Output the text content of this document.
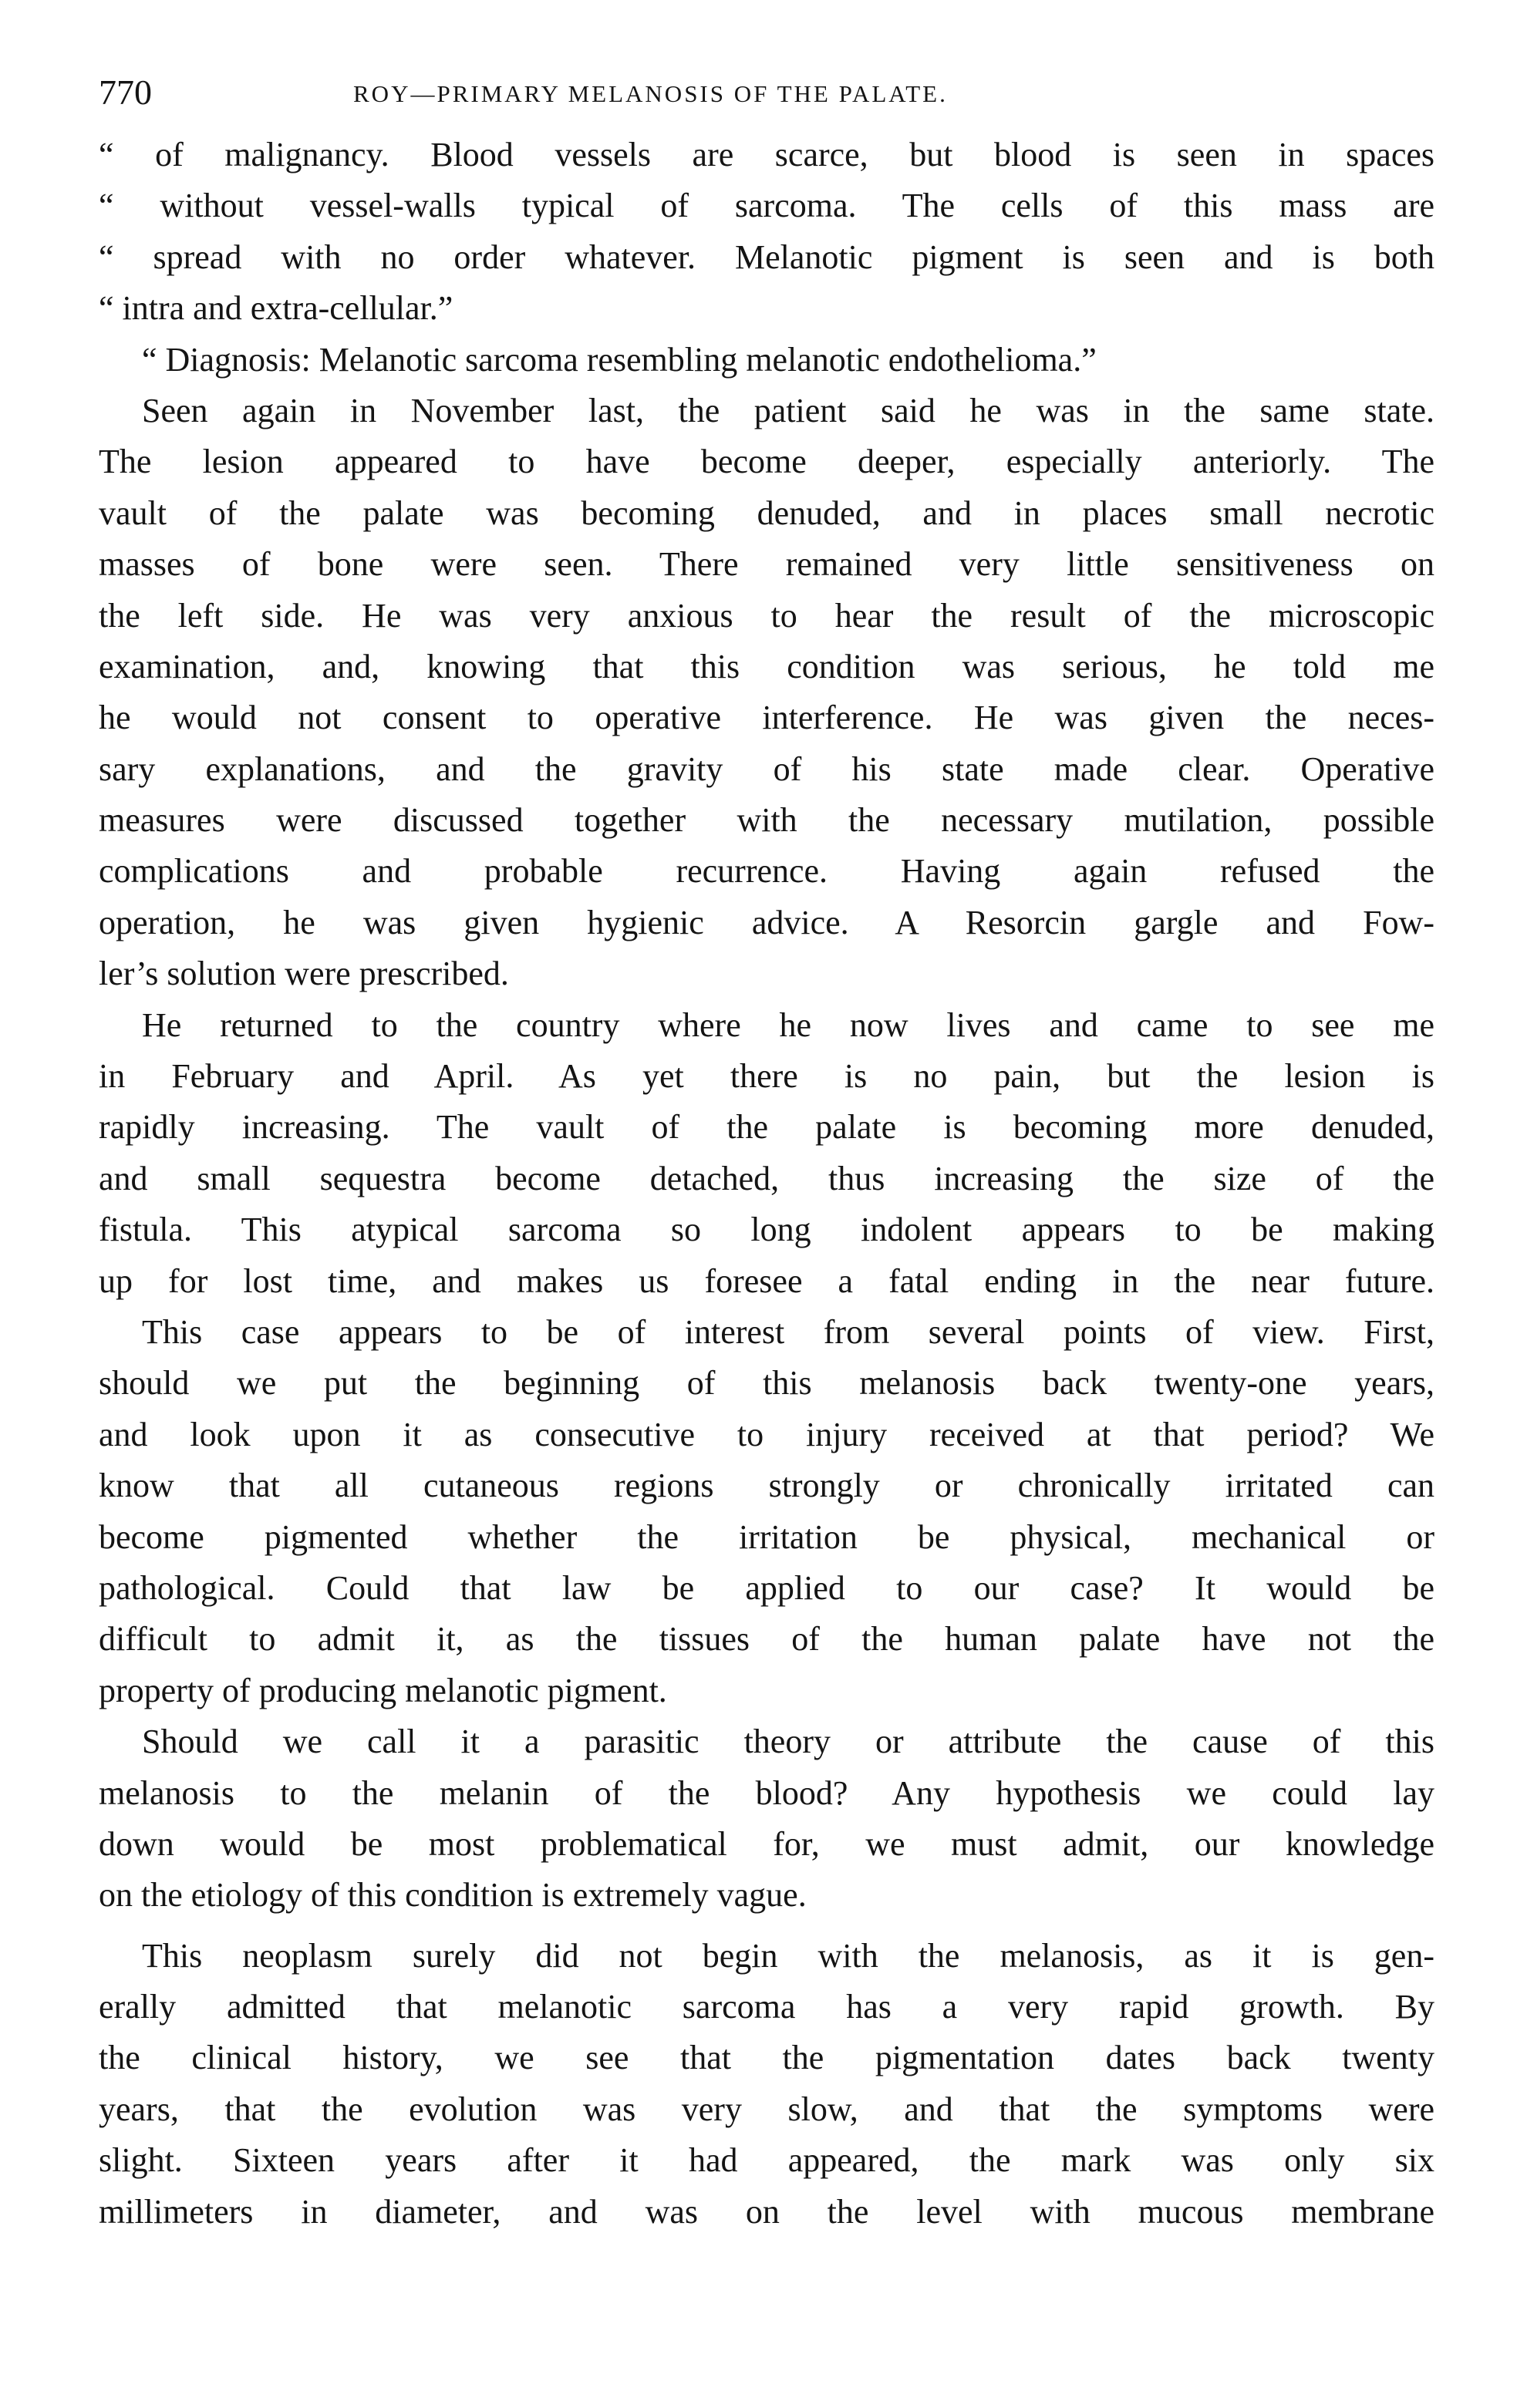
770	ROY—PRIMARY MELANOSIS OF THE PALATE.
“ of malignancy. Blood vessels are scarce, but blood is seen in spaces
“ without vessel-walls typical of sarcoma. The cells of this mass are
“ spread with no order whatever. Melanotic pigment is seen and is both
“ intra and extra-cellular.”
“ Diagnosis: Melanotic sarcoma resembling melanotic endothelioma.”
Seen again in November last, the patient said he was in the same state.
The lesion appeared to have become deeper, especially anteriorly. The
vault of the palate was becoming denuded, and in places small necrotic
masses of bone were seen. There remained very little sensitiveness on
the left side. He was very anxious to hear the result of the microscopic
examination, and, knowing that this condition was serious, he told me
he would not consent to operative interference. He was given the neces-
sary explanations, and the gravity of his state made clear. Operative
measures were discussed together with the necessary mutilation, possible
complications and probable recurrence. Having again refused the
operation, he was given hygienic advice. A Resorcin gargle and Fow-
ler’s solution were prescribed.
He returned to the country where he now lives and came to see me
in February and April. As yet there is no pain, but the lesion is
rapidly increasing. The vault of the palate is becoming more denuded,
and small sequestra become detached, thus increasing the size of the
fistula. This atypical sarcoma so long indolent appears to be making
up for lost time, and makes us foresee a fatal ending in the near future.
This case appears to be of interest from several points of view. First,
should we put the beginning of this melanosis back twenty-one years,
and look upon it as consecutive to injury received at that period? We
know that all cutaneous regions strongly or chronically irritated can
become pigmented whether the irritation be physical, mechanical or
pathological. Could that law be applied to our case? It would be
difficult to admit it, as the tissues of the human palate have not the
property of producing melanotic pigment.
Should we call it a parasitic theory or attribute the cause of this
melanosis to the melanin of the blood? Any hypothesis we could lay
down would be most problematical for, we must admit, our knowledge
on the etiology of this condition is extremely vague.
This neoplasm surely did not begin with the melanosis, as it is gen-
erally admitted that melanotic sarcoma has a very rapid growth. By
the clinical history, we see that the pigmentation dates back twenty
years, that the evolution was very slow, and that the symptoms were
slight. Sixteen years after it had appeared, the mark was only six
millimeters in diameter, and was on the level with mucous membrane
